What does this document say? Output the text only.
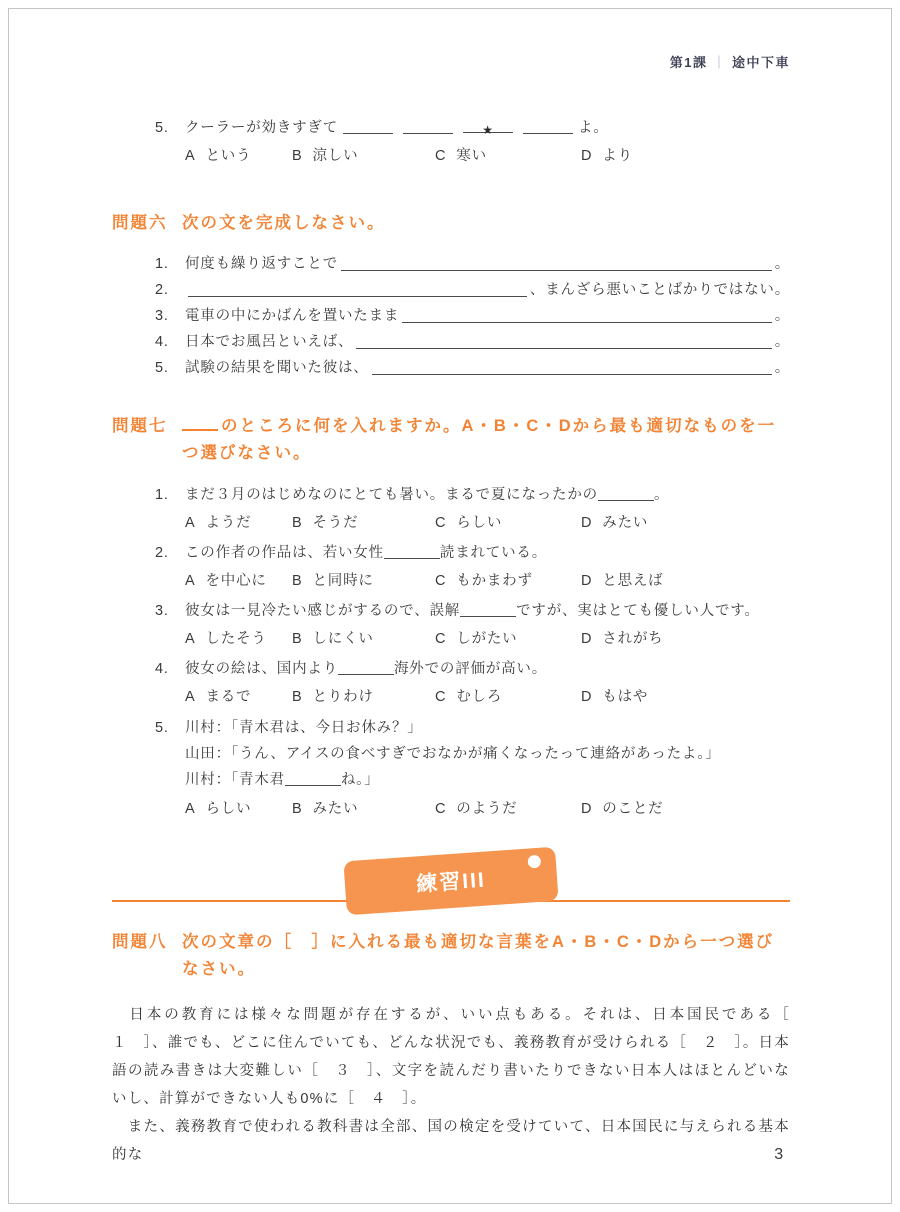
第1課 ｜ 途中下車
5.	クーラーが効きすぎて	★	よ。
A という	B 涼しい	C 寒い	D より
問題六 次の文を完成しなさい。
1.	何度も繰り返すことで	。
2.	、まんざら悪いことばかりではない。
3.	電車の中にかばんを置いたまま	。
4.	日本でお風呂といえば、	。
5.	試験の結果を聞いた彼は、	。
問題七	のところに何を入れますか。A・B・C・Dから最も適切なものを一つ選びなさい。
1.	まだ３月のはじめなのにとても暑い。まるで夏になったかの	。
A ようだ	B そうだ	C らしい	D みたい
2.	この作者の作品は、若い女性	読まれている。
A を中心に	B と同時に	C もかまわず	D と思えば
3.	彼女は一見冷たい感じがするので、誤解	ですが、実はとても優しい人です。
A したそう	B しにくい	C しがたい	D されがち
4.	彼女の絵は、国内より	海外での評価が高い。
A まるで	B とりわけ	C むしろ	D もはや
5.	川村：「青木君は、今日お休み？」
山田：「うん、アイスの食べすぎでおなかが痛くなったって連絡があったよ。」
川村：「青木君	ね。」
A らしい	B みたい	C のようだ	D のことだ
練習III
問題八 次の文章の［　］に入れる最も適切な言葉をA・B・C・Dから一つ選びなさい。

　日本の教育には様々な問題が存在するが、いい点もある。それは、日本国民である［　１　］、誰でも、どこに住んでいても、どんな状況でも、義務教育が受けられる［　２　］。日本語の読み書きは大変難しい［　３　］、文字を読んだり書いたりできない日本人はほとんどいないし、計算ができない人も0%に［　４　］。

　また、義務教育で使われる教科書は全部、国の検定を受けていて、日本国民に与えられる基本的な	3
